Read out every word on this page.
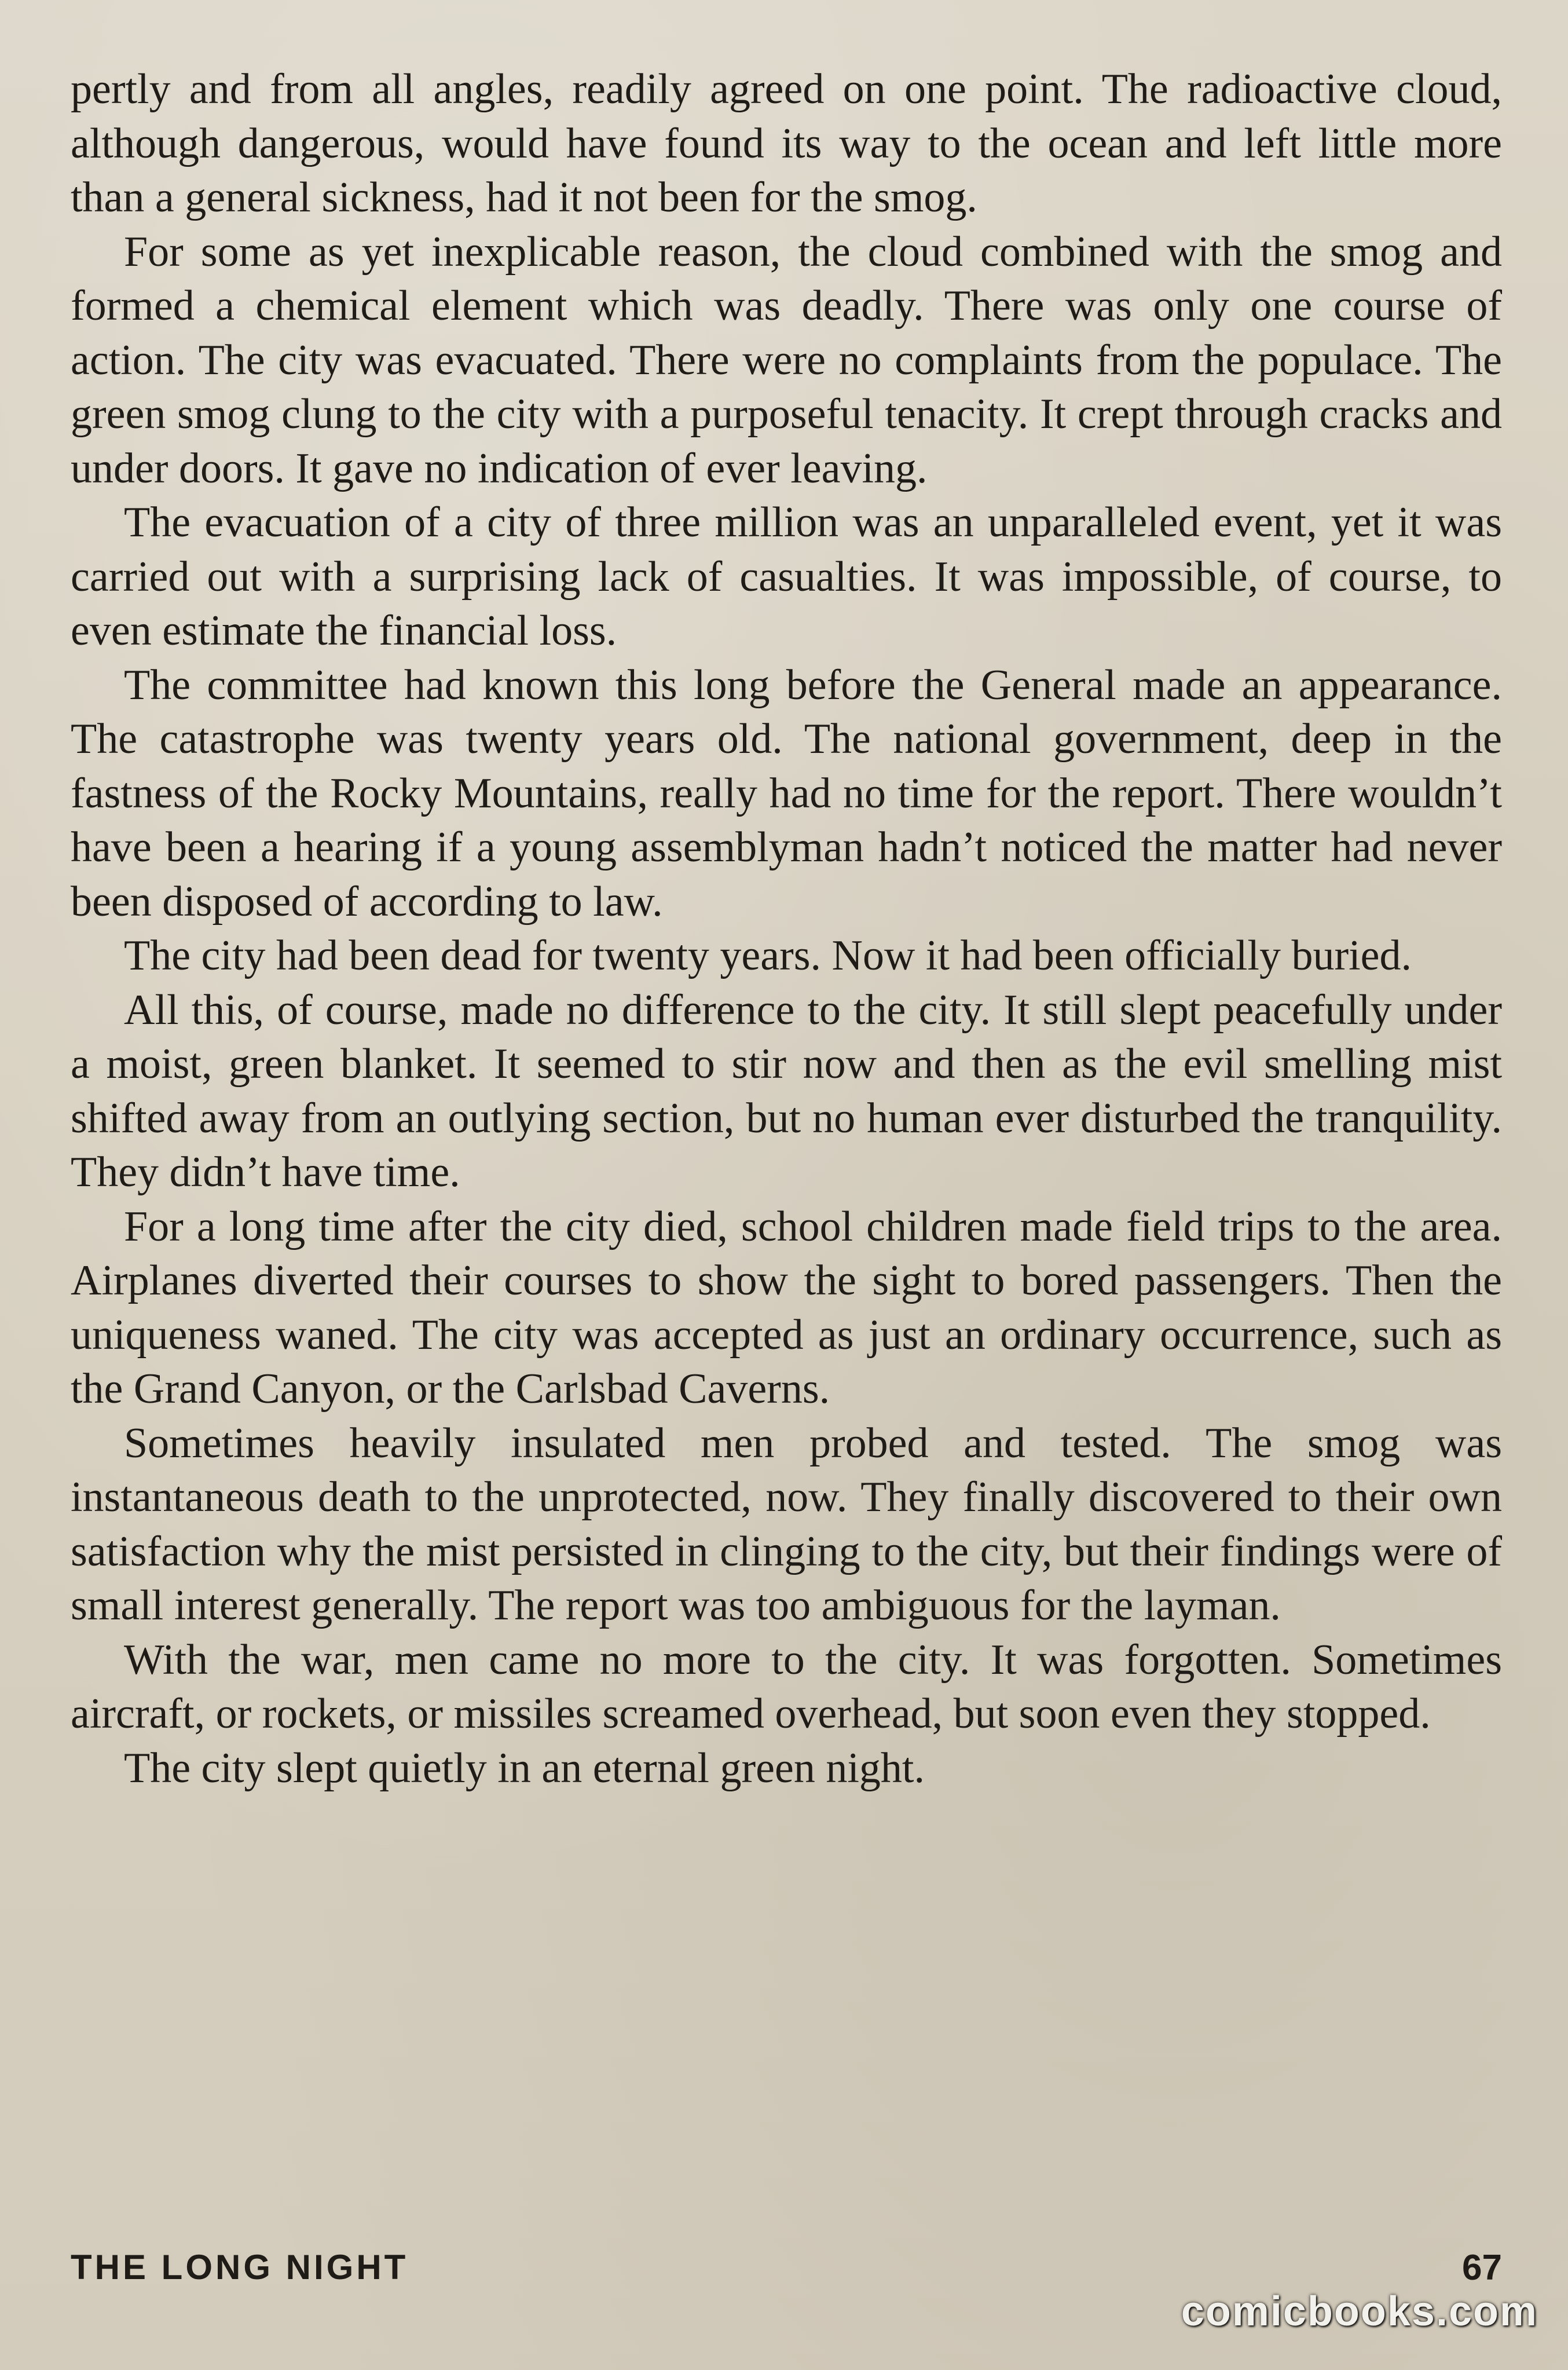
pertly and from all angles, readily agreed on one point. The radioactive cloud, although dangerous, would have found its way to the ocean and left little more than a general sickness, had it not been for the smog.

For some as yet inexplicable reason, the cloud combined with the smog and formed a chemical element which was deadly. There was only one course of action. The city was evacuated. There were no complaints from the populace. The green smog clung to the city with a purposeful tenacity. It crept through cracks and under doors. It gave no indication of ever leaving.

The evacuation of a city of three million was an unparalleled event, yet it was carried out with a surprising lack of casualties. It was impossible, of course, to even estimate the financial loss.

The committee had known this long before the General made an appearance. The catastrophe was twenty years old. The national government, deep in the fastness of the Rocky Mountains, really had no time for the report. There wouldn’t have been a hearing if a young assemblyman hadn’t noticed the matter had never been disposed of according to law.

The city had been dead for twenty years. Now it had been officially buried.

All this, of course, made no difference to the city. It still slept peacefully under a moist, green blanket. It seemed to stir now and then as the evil smelling mist shifted away from an outlying section, but no human ever disturbed the tranquility. They didn’t have time.

For a long time after the city died, school children made field trips to the area. Airplanes diverted their courses to show the sight to bored passengers. Then the uniqueness waned. The city was accepted as just an ordinary occurrence, such as the Grand Canyon, or the Carlsbad Caverns.

Sometimes heavily insulated men probed and tested. The smog was instantaneous death to the unprotected, now. They finally discovered to their own satisfaction why the mist persisted in clinging to the city, but their findings were of small interest generally. The report was too ambiguous for the layman.

With the war, men came no more to the city. It was forgotten. Sometimes aircraft, or rockets, or missiles screamed overhead, but soon even they stopped.

The city slept quietly in an eternal green night.

THE LONG NIGHT	67
comicbooks.com
